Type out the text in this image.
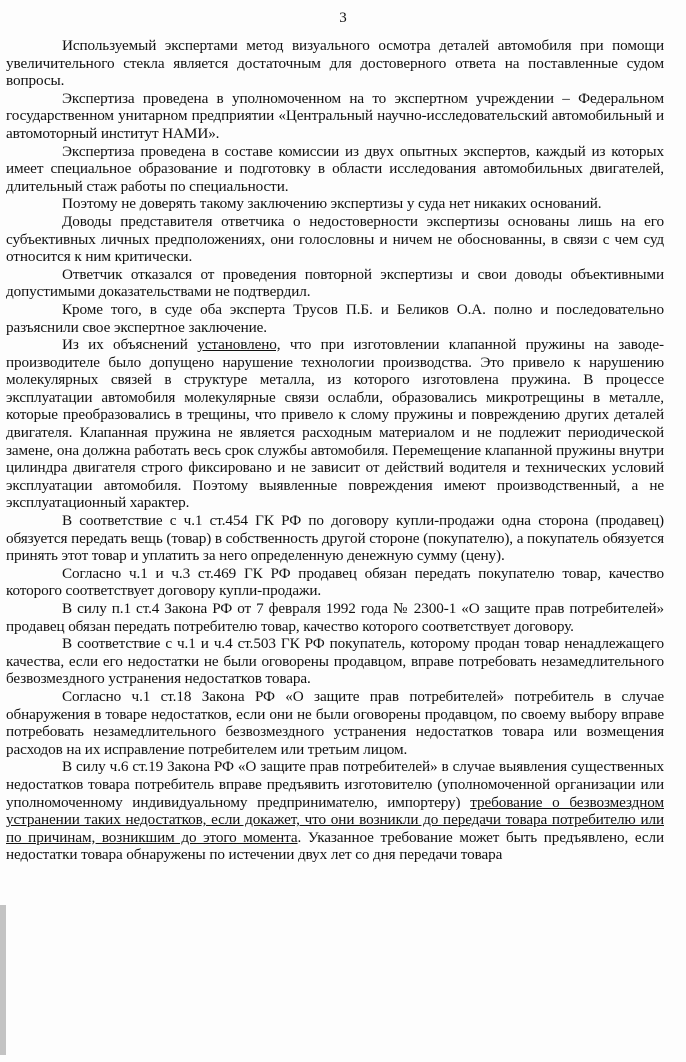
3

Используемый экспертами метод визуального осмотра деталей автомобиля при помощи увеличительного стекла является достаточным для достоверного ответа на поставленные судом вопросы.

Экспертиза проведена в уполномоченном на то экспертном учреждении – Федеральном государственном унитарном предприятии «Центральный научно-исследовательский автомобильный и автомоторный институт НАМИ».

Экспертиза проведена в составе комиссии из двух опытных экспертов, каждый из которых имеет специальное образование и подготовку в области исследования автомобильных двигателей, длительный стаж работы по специальности.

Поэтому не доверять такому заключению экспертизы у суда нет никаких оснований.

Доводы представителя ответчика о недостоверности экспертизы основаны лишь на его субъективных личных предположениях, они голословны и ничем не обоснованны, в связи с чем суд относится к ним критически.

Ответчик отказался от проведения повторной экспертизы и свои доводы объективными допустимыми доказательствами не подтвердил.

Кроме того, в суде оба эксперта Трусов П.Б. и Беликов О.А. полно и последовательно разъяснили свое экспертное заключение.

Из их объяснений установлено, что при изготовлении клапанной пружины на заводе-производителе было допущено нарушение технологии производства. Это привело к нарушению молекулярных связей в структуре металла, из которого изготовлена пружина. В процессе эксплуатации автомобиля молекулярные связи ослабли, образовались микротрещины в металле, которые преобразовались в трещины, что привело к слому пружины и повреждению других деталей двигателя. Клапанная пружина не является расходным материалом и не подлежит периодической замене, она должна работать весь срок службы автомобиля. Перемещение клапанной пружины внутри цилиндра двигателя строго фиксировано и не зависит от действий водителя и технических условий эксплуатации автомобиля. Поэтому выявленные повреждения имеют производственный, а не эксплуатационный характер.

В соответствие с ч.1 ст.454 ГК РФ по договору купли-продажи одна сторона (продавец) обязуется передать вещь (товар) в собственность другой стороне (покупателю), а покупатель обязуется принять этот товар и уплатить за него определенную денежную сумму (цену).

Согласно ч.1 и ч.3 ст.469 ГК РФ продавец обязан передать покупателю товар, качество которого соответствует договору купли-продажи.

В силу п.1 ст.4 Закона РФ от 7 февраля 1992 года № 2300-1 «О защите прав потребителей» продавец обязан передать потребителю товар, качество которого соответствует договору.

В соответствие с ч.1 и ч.4 ст.503 ГК РФ покупатель, которому продан товар ненадлежащего качества, если его недостатки не были оговорены продавцом, вправе потребовать незамедлительного безвозмездного устранения недостатков товара.

Согласно ч.1 ст.18 Закона РФ «О защите прав потребителей» потребитель в случае обнаружения в товаре недостатков, если они не были оговорены продавцом, по своему выбору вправе потребовать незамедлительного безвозмездного устранения недостатков товара или возмещения расходов на их исправление потребителем или третьим лицом.

В силу ч.6 ст.19 Закона РФ «О защите прав потребителей» в случае выявления существенных недостатков товара потребитель вправе предъявить изготовителю (уполномоченной организации или уполномоченному индивидуальному предпринимателю, импортеру) требование о безвозмездном устранении таких недостатков, если докажет, что они возникли до передачи товара потребителю или по причинам, возникшим до этого момента. Указанное требование может быть предъявлено, если недостатки товара обнаружены по истечении двух лет со дня передачи товара
